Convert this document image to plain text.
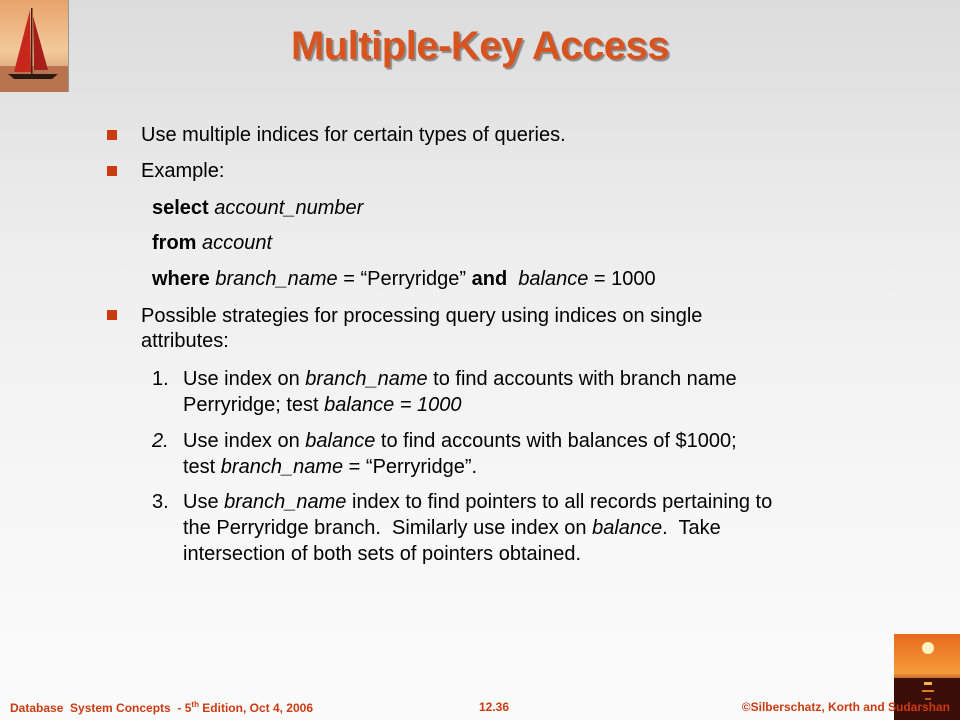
Multiple-Key Access
Use multiple indices for certain types of queries.
Example:
select account_number
from account
where branch_name = “Perryridge” and balance = 1000
Possible strategies for processing query using indices on single
attributes:
1. Use index on branch_name to find accounts with branch name
Perryridge; test balance = 1000
2. Use index on balance to find accounts with balances of $1000;
test branch_name = “Perryridge”.
3. Use branch_name index to find pointers to all records pertaining to
the Perryridge branch.  Similarly use index on balance.  Take
intersection of both sets of pointers obtained.
Database  System Concepts  - 5th Edition, Oct 4, 2006	12.36	©Silberschatz, Korth and Sudarshan
